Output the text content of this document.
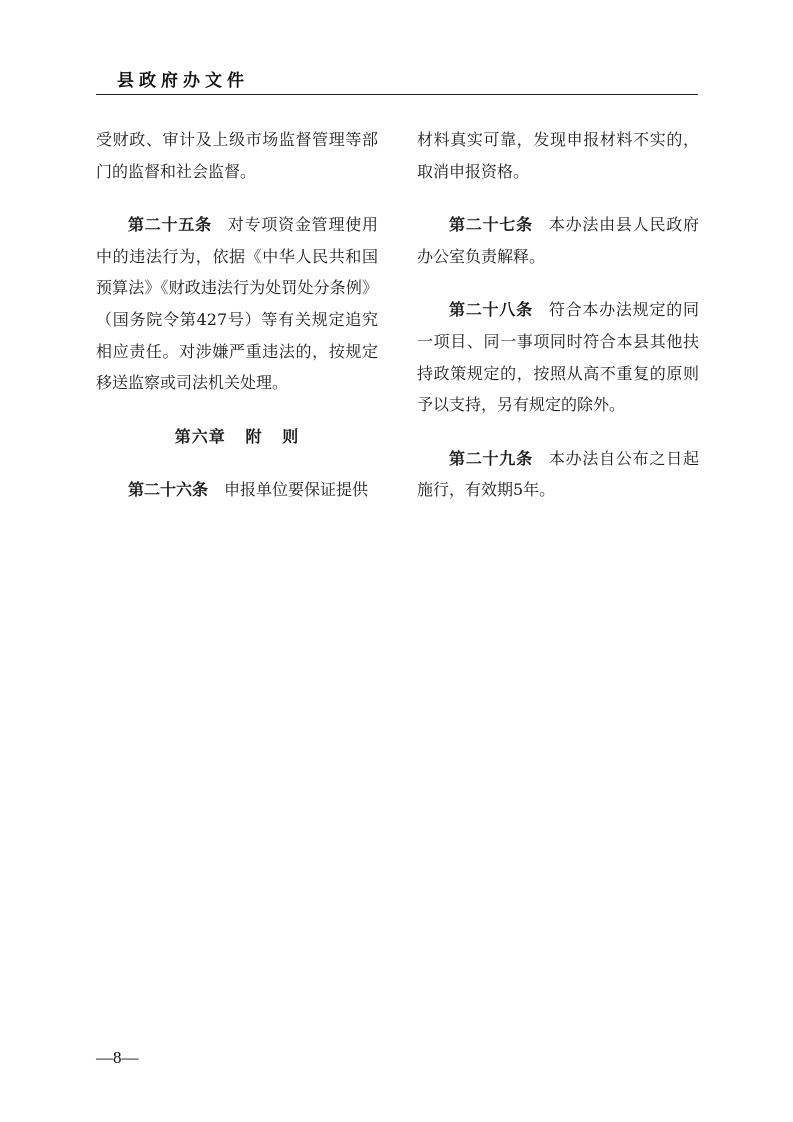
县政府办文件

受财政、审计及上级市场监督管理等部门的监督和社会监督。

第二十五条 对专项资金管理使用中的违法行为，依据《中华人民共和国预算法》《财政违法行为处罚处分条例》（国务院令第427号）等有关规定追究相应责任。对涉嫌严重违法的，按规定移送监察或司法机关处理。

第六章   附   则

第二十六条 申报单位要保证提供

材料真实可靠，发现申报材料不实的，取消申报资格。

第二十七条 本办法由县人民政府办公室负责解释。

第二十八条 符合本办法规定的同一项目、同一事项同时符合本县其他扶持政策规定的，按照从高不重复的原则予以支持，另有规定的除外。

第二十九条 本办法自公布之日起施行，有效期5年。

—8—
